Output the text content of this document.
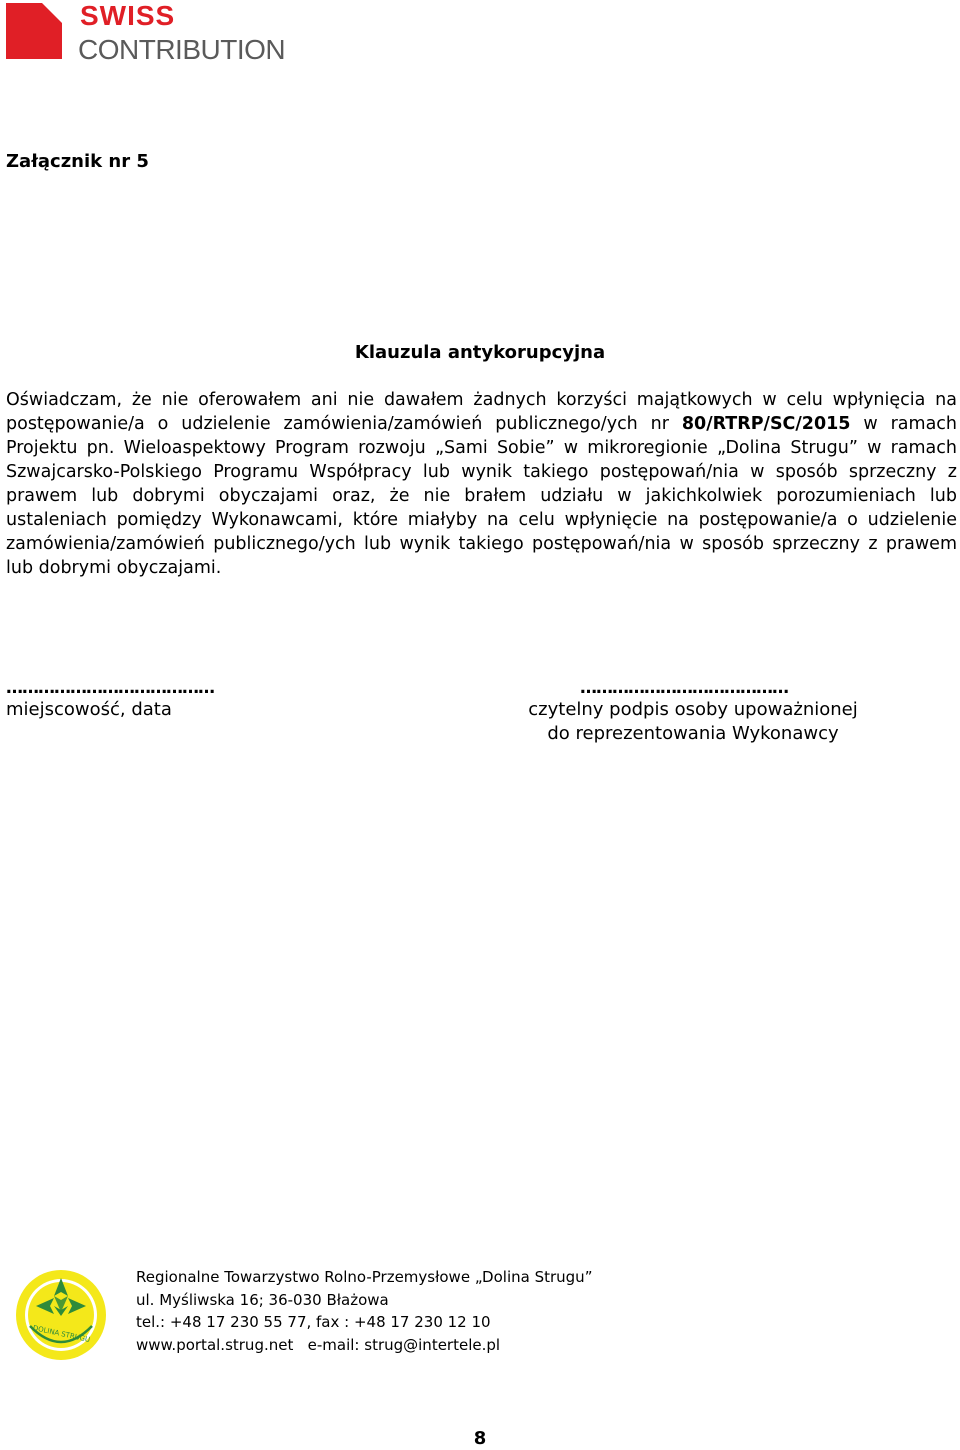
SWISS
CONTRIBUTION
Załącznik nr 5
Klauzula antykorupcyjna
Oświadczam, że nie oferowałem ani nie dawałem żadnych korzyści majątkowych w celu wpłynięcia na postępowanie/a o udzielenie zamówienia/zamówień publicznego/ych nr 80/RTRP/SC/2015 w ramach Projektu pn. Wieloaspektowy Program rozwoju „Sami Sobie” w mikroregionie „Dolina Strugu” w ramach Szwajcarsko-Polskiego Programu Współpracy lub wynik takiego postępowań/nia w sposób sprzeczny z prawem lub dobrymi obyczajami oraz, że nie brałem udziału w jakichkolwiek porozumieniach lub ustaleniach pomiędzy Wykonawcami, które miałyby na celu wpłynięcie na postępowanie/a o udzielenie zamówienia/zamówień publicznego/ych lub wynik takiego postępowań/nia w sposób sprzeczny z prawem lub dobrymi obyczajami.
…………………………………	…………………………………
miejscowość, data	czytelny podpis osoby upoważnionej
do reprezentowania Wykonawcy
DOLINA STRUGU
Regionalne Towarzystwo Rolno-Przemysłowe „Dolina Strugu”
ul. Myśliwska 16; 36-030 Błażowa
tel.: +48 17 230 55 77, fax : +48 17 230 12 10
www.portal.strug.net   e-mail: strug@intertele.pl
8
